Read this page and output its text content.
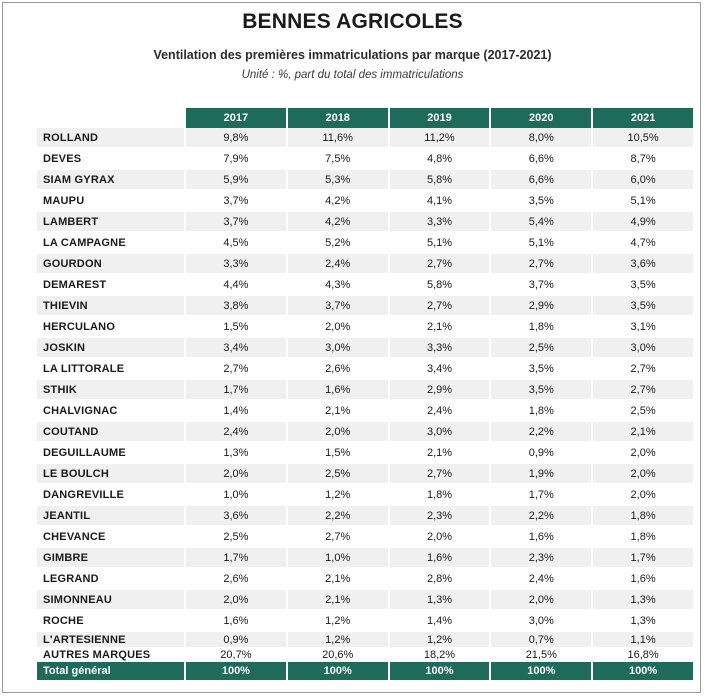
BENNES AGRICOLES
Ventilation des premières immatriculations par marque (2017-2021)
Unité : %, part du total des immatriculations
	2017	2018	2019	2020	2021
ROLLAND	9,8%	11,6%	11,2%	8,0%	10,5%
DEVES	7,9%	7,5%	4,8%	6,6%	8,7%
SIAM GYRAX	5,9%	5,3%	5,8%	6,6%	6,0%
MAUPU	3,7%	4,2%	4,1%	3,5%	5,1%
LAMBERT	3,7%	4,2%	3,3%	5,4%	4,9%
LA CAMPAGNE	4,5%	5,2%	5,1%	5,1%	4,7%
GOURDON	3,3%	2,4%	2,7%	2,7%	3,6%
DEMAREST	4,4%	4,3%	5,8%	3,7%	3,5%
THIEVIN	3,8%	3,7%	2,7%	2,9%	3,5%
HERCULANO	1,5%	2,0%	2,1%	1,8%	3,1%
JOSKIN	3,4%	3,0%	3,3%	2,5%	3,0%
LA LITTORALE	2,7%	2,6%	3,4%	3,5%	2,7%
STHIK	1,7%	1,6%	2,9%	3,5%	2,7%
CHALVIGNAC	1,4%	2,1%	2,4%	1,8%	2,5%
COUTAND	2,4%	2,0%	3,0%	2,2%	2,1%
DEGUILLAUME	1,3%	1,5%	2,1%	0,9%	2,0%
LE BOULCH	2,0%	2,5%	2,7%	1,9%	2,0%
DANGREVILLE	1,0%	1,2%	1,8%	1,7%	2,0%
JEANTIL	3,6%	2,2%	2,3%	2,2%	1,8%
CHEVANCE	2,5%	2,7%	2,0%	1,6%	1,8%
GIMBRE	1,7%	1,0%	1,6%	2,3%	1,7%
LEGRAND	2,6%	2,1%	2,8%	2,4%	1,6%
SIMONNEAU	2,0%	2,1%	1,3%	2,0%	1,3%
ROCHE	1,6%	1,2%	1,4%	3,0%	1,3%
L'ARTESIENNE	0,9%	1,2%	1,2%	0,7%	1,1%
AUTRES MARQUES	20,7%	20,6%	18,2%	21,5%	16,8%
Total général	100%	100%	100%	100%	100%
